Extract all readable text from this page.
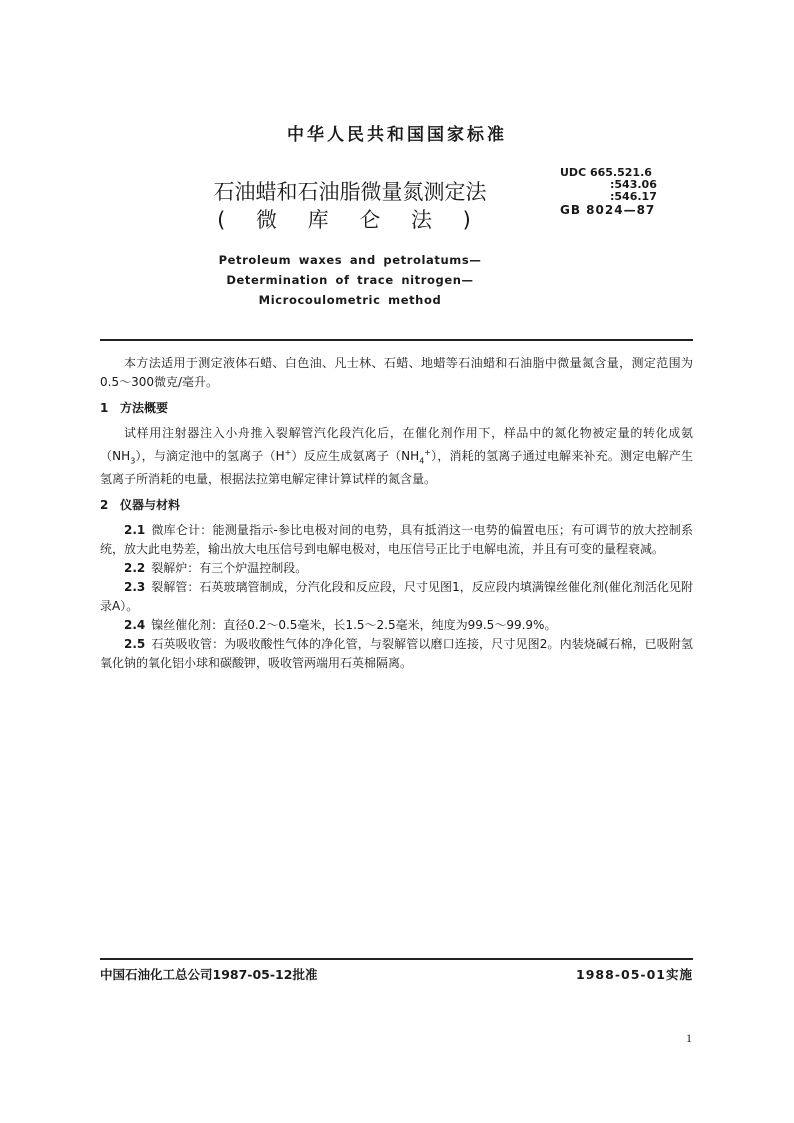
中华人民共和国国家标准
石油蜡和石油脂微量氮测定法
( 微 库 仑 法 )
UDC 665.521.6
:543.06
:546.17
GB 8024—87
Petroleum waxes and petrolatums—
Determination of trace nitrogen—
Microcoulometric method

本方法适用于测定液体石蜡、白色油、凡士林、石蜡、地蜡等石油蜡和石油脂中微量氮含量，测定范围为0.5～300微克/毫升。

1 方法概要

试样用注射器注入小舟推入裂解管汽化段汽化后，在催化剂作用下，样品中的氮化物被定量的转化成氨$(NH_3)$，与滴定池中的氢离子（H+）反应生成氨离子$(NH_4^+)$，消耗的氢离子通过电解来补充。测定电解产生氢离子所消耗的电量，根据法拉第电解定律计算试样的氮含量。

2 仪器与材料

2.1 微库仑计：能测量指示-参比电极对间的电势，具有抵消这一电势的偏置电压；有可调节的放大控制系统，放大此电势差，输出放大电压信号到电解电极对，电压信号正比于电解电流，并且有可变的量程衰减。

2.2 裂解炉：有三个炉温控制段。

2.3 裂解管：石英玻璃管制成，分汽化段和反应段，尺寸见图1，反应段内填满镍丝催化剂(催化剂活化见附录A）。

2.4 镍丝催化剂：直径0.2～0.5毫米，长1.5～2.5毫米，纯度为99.5～99.9%。

2.5 石英吸收管：为吸收酸性气体的净化管，与裂解管以磨口连接，尺寸见图2。内装烧碱石棉，已吸附氢氧化钠的氧化铝小球和碳酸钾，吸收管两端用石英棉隔离。

中国石油化工总公司1987-05-12批准	1988-05-01实施
1
